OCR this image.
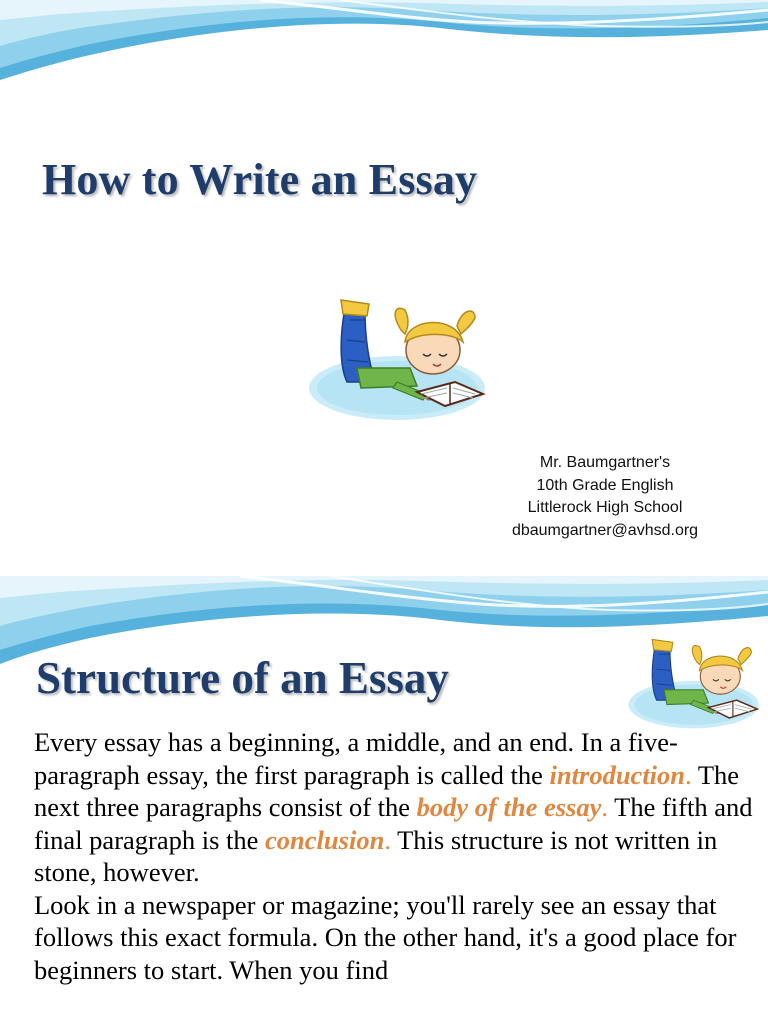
How to Write an Essay
Mr. Baumgartner's
10th Grade English
Littlerock High School
dbaumgartner@avhsd.org
Structure of an Essay

Every essay has a beginning, a middle, and an end. In a five-paragraph essay, the first paragraph is called the introduction. The next three paragraphs consist of the body of the essay. The fifth and final paragraph is the conclusion. This structure is not written in stone, however.

Look in a newspaper or magazine; you'll rarely see an essay that follows this exact formula. On the other hand, it's a good place for beginners to start. When you find
